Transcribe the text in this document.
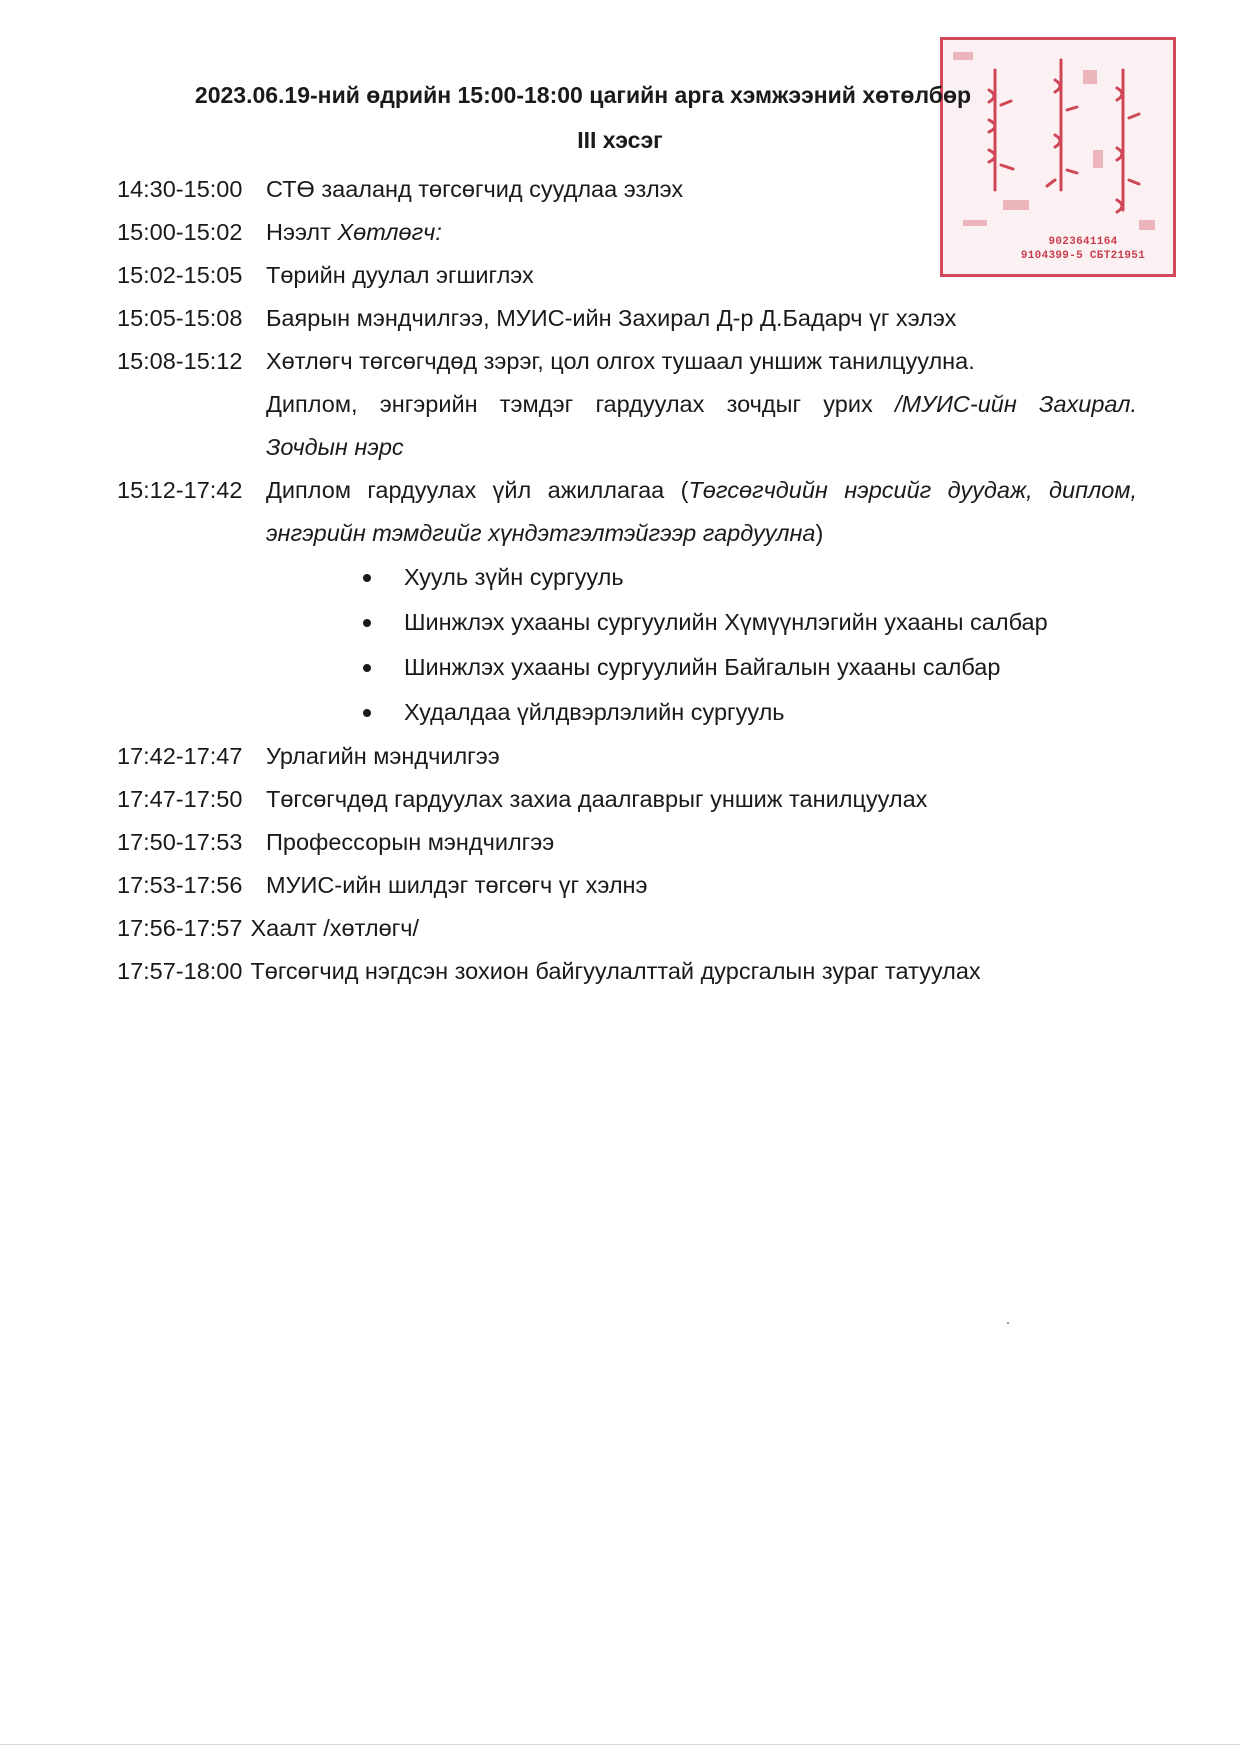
9023641164
9104399-5 СБТ21951
2023.06.19-ний өдрийн 15:00-18:00 цагийн арга хэмжээний хөтөлбөр
III хэсэг
14:30-15:00	СТӨ зааланд төгсөгчид суудлаа эзлэх
15:00-15:02	Нээлт Хөтлөгч:
15:02-15:05	Төрийн дуулал эгшиглэх
15:05-15:08	Баярын мэндчилгээ, МУИС-ийн Захирал Д-р Д.Бадарч үг хэлэх
15:08-15:12	Хөтлөгч төгсөгчдөд зэрэг, цол олгох тушаал уншиж танилцуулна.
Диплом, энгэрийн тэмдэг гардуулах зочдыг урих /МУИС-ийн Захирал.
Зочдын нэрс
15:12-17:42	Диплом гардуулах үйл ажиллагаа (Төгсөгчдийн нэрсийг дуудаж, диплом,
энгэрийн тэмдгийг хүндэтгэлтэйгээр гардуулна)
Хууль зүйн сургууль
Шинжлэх ухааны сургуулийн Хүмүүнлэгийн ухааны салбар
Шинжлэх ухааны сургуулийн Байгалын ухааны салбар
Худалдаа үйлдвэрлэлийн сургууль
17:42-17:47	Урлагийн мэндчилгээ
17:47-17:50	Төгсөгчдөд гардуулах захиа даалгаврыг уншиж танилцуулах
17:50-17:53	Профессорын мэндчилгээ
17:53-17:56	МУИС-ийн шилдэг төгсөгч үг хэлнэ
17:56-17:57 Хаалт /хөтлөгч/
17:57-18:00 Төгсөгчид нэгдсэн зохион байгуулалттай дурсгалын зураг татуулах
